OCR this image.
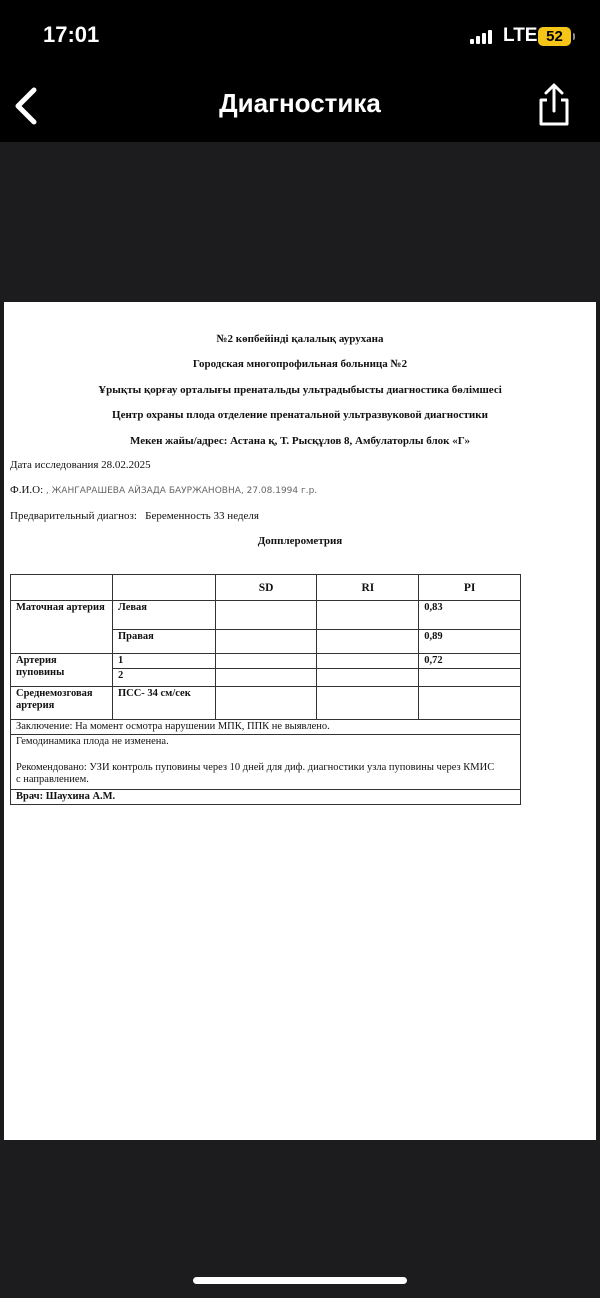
17:01	LTE 52
Диагностика
№2 көпбейінді қалалық аурухана
Городская многопрофильная больница №2
Ұрықты қорғау орталығы пренатальды ультрадыбысты диагностика бөлімшесі
Центр охраны плода отделение пренатальной ультразвуковой диагностики
Мекен жайы/адрес: Астана қ, Т. Рысқұлов 8, Амбулаторлы блок «Г»
Дата исследования 28.02.2025
Ф.И.О: , ЖАНГАРАШЕВА АЙЗАДА БАУРЖАНОВНА, 27.08.1994 г.р.
Предварительный диагноз: Беременность 33 неделя
Допплерометрия
		SD	RI	PI
Маточная артерия	Левая			0,83
	Правая			0,89
Артерия пуповины	1			0,72
	2			
Среднемозговая артерия	ПСС- 34 см/сек			
Заключение: На момент осмотра нарушении МПК, ППК не выявлено.				

Гемодинамика плода не изменена.
Рекомендовано: УЗИ контроль пуповины через 10 дней для диф. диагностики узла пуповины через КМИС с направлением.				

Врач: Шаухина А.М.				
